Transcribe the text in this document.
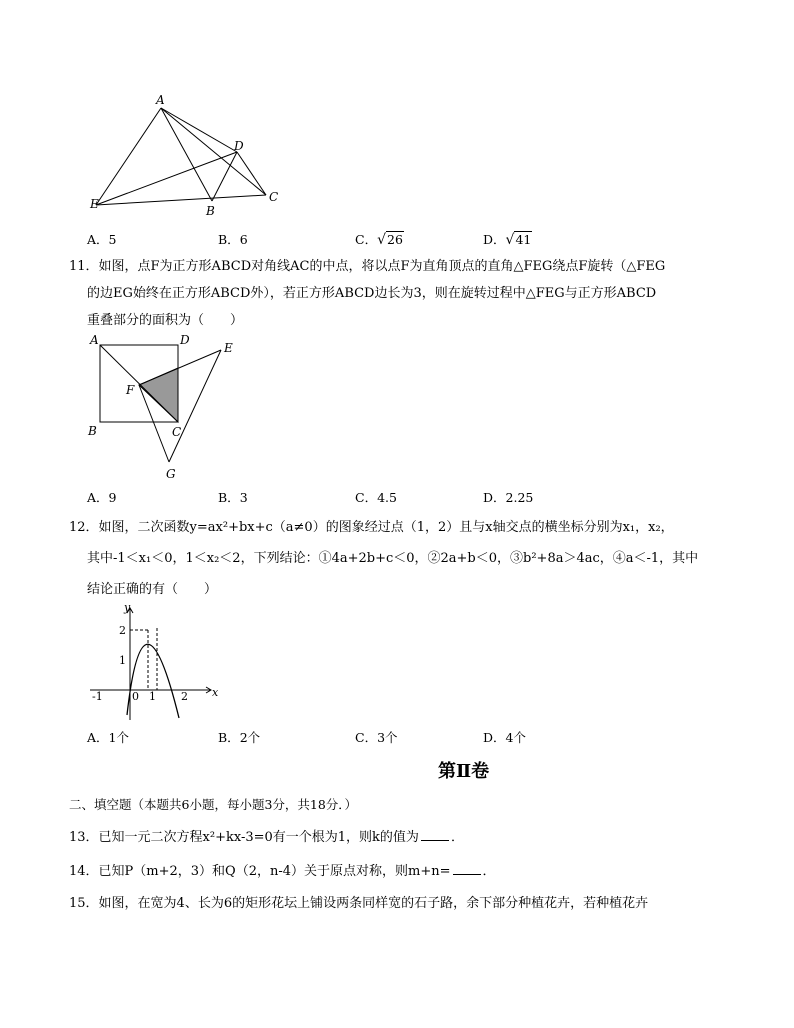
A
D
E	B
C
A．5	B．6	C．√26	D．√41
11．如图，点F为正方形ABCD对角线AC的中点，将以点F为直角顶点的直角△FEG绕点F旋转（△FEG
的边EG始终在正方形ABCD外），若正方形ABCD边长为3，则在旋转过程中△FEG与正方形ABCD
重叠部分的面积为（　　）
A	D
E
F
B	C
G
A．9	B．3	C．4.5	D．2.25
12．如图，二次函数y=ax²+bx+c（a≠0）的图象经过点（1，2）且与x轴交点的横坐标分别为x₁，x₂，
其中-1＜x₁＜0，1＜x₂＜2，下列结论：①4a+2b+c＜0，②2a+b＜0，③b²+8a＞4ac，④a＜-1，其中
结论正确的有（　　）
y
x
2
1
-1	0 1 2
A．1个	B．2个	C．3个	D．4个
第Ⅱ卷
二、填空题（本题共6小题，每小题3分，共18分．）
13．已知一元二次方程x²+kx-3=0有一个根为1，则k的值为 ．
14．已知P（m+2，3）和Q（2，n-4）关于原点对称，则m+n= ．
15．如图，在宽为4、长为6的矩形花坛上铺设两条同样宽的石子路，余下部分种植花卉，若种植花卉
